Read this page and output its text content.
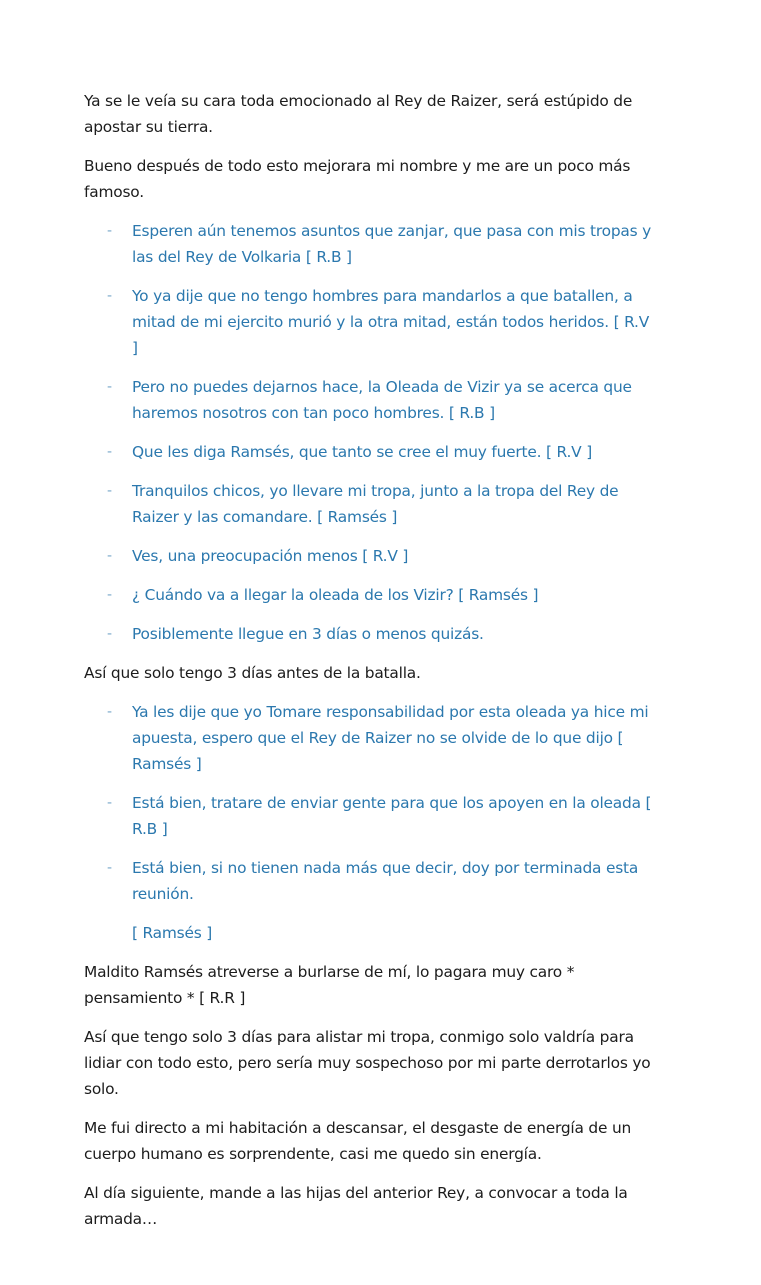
Ya se le veía su cara toda emocionado al Rey de Raizer, será estúpido de apostar su tierra.

Bueno después de todo esto mejorara mi nombre y me are un poco más famoso.

- Esperen aún tenemos asuntos que zanjar, que pasa con mis tropas y las del Rey de Volkaria [ R.B ]
- Yo ya dije que no tengo hombres para mandarlos a que batallen, a mitad de mi ejercito murió y la otra mitad, están todos heridos. [ R.V ]
- Pero no puedes dejarnos hace, la Oleada de Vizir ya se acerca que haremos nosotros con tan poco hombres. [ R.B ]
- Que les diga Ramsés, que tanto se cree el muy fuerte. [ R.V ]
- Tranquilos chicos, yo llevare mi tropa, junto a la tropa del Rey de Raizer y las comandare. [ Ramsés ]
- Ves, una preocupación menos [ R.V ]
- ¿ Cuándo va a llegar la oleada de los Vizir? [ Ramsés ]
- Posiblemente llegue en 3 días o menos quizás.

Así que solo tengo 3 días antes de la batalla.

- Ya les dije que yo Tomare responsabilidad por esta oleada ya hice mi apuesta, espero que el Rey de Raizer no se olvide de lo que dijo [ Ramsés ]
- Está bien, tratare de enviar gente para que los apoyen en la oleada [ R.B ]
- Está bien, si no tienen nada más que decir, doy por terminada esta reunión.
[ Ramsés ]

Maldito Ramsés atreverse a burlarse de mí, lo pagara muy caro * pensamiento * [ R.R ]

Así que tengo solo 3 días para alistar mi tropa, conmigo solo valdría para lidiar con todo esto, pero sería muy sospechoso por mi parte derrotarlos yo solo.

Me fui directo a mi habitación a descansar, el desgaste de energía de un cuerpo humano es sorprendente, casi me quedo sin energía.

Al día siguiente, mande a las hijas del anterior Rey, a convocar a toda la armada…
